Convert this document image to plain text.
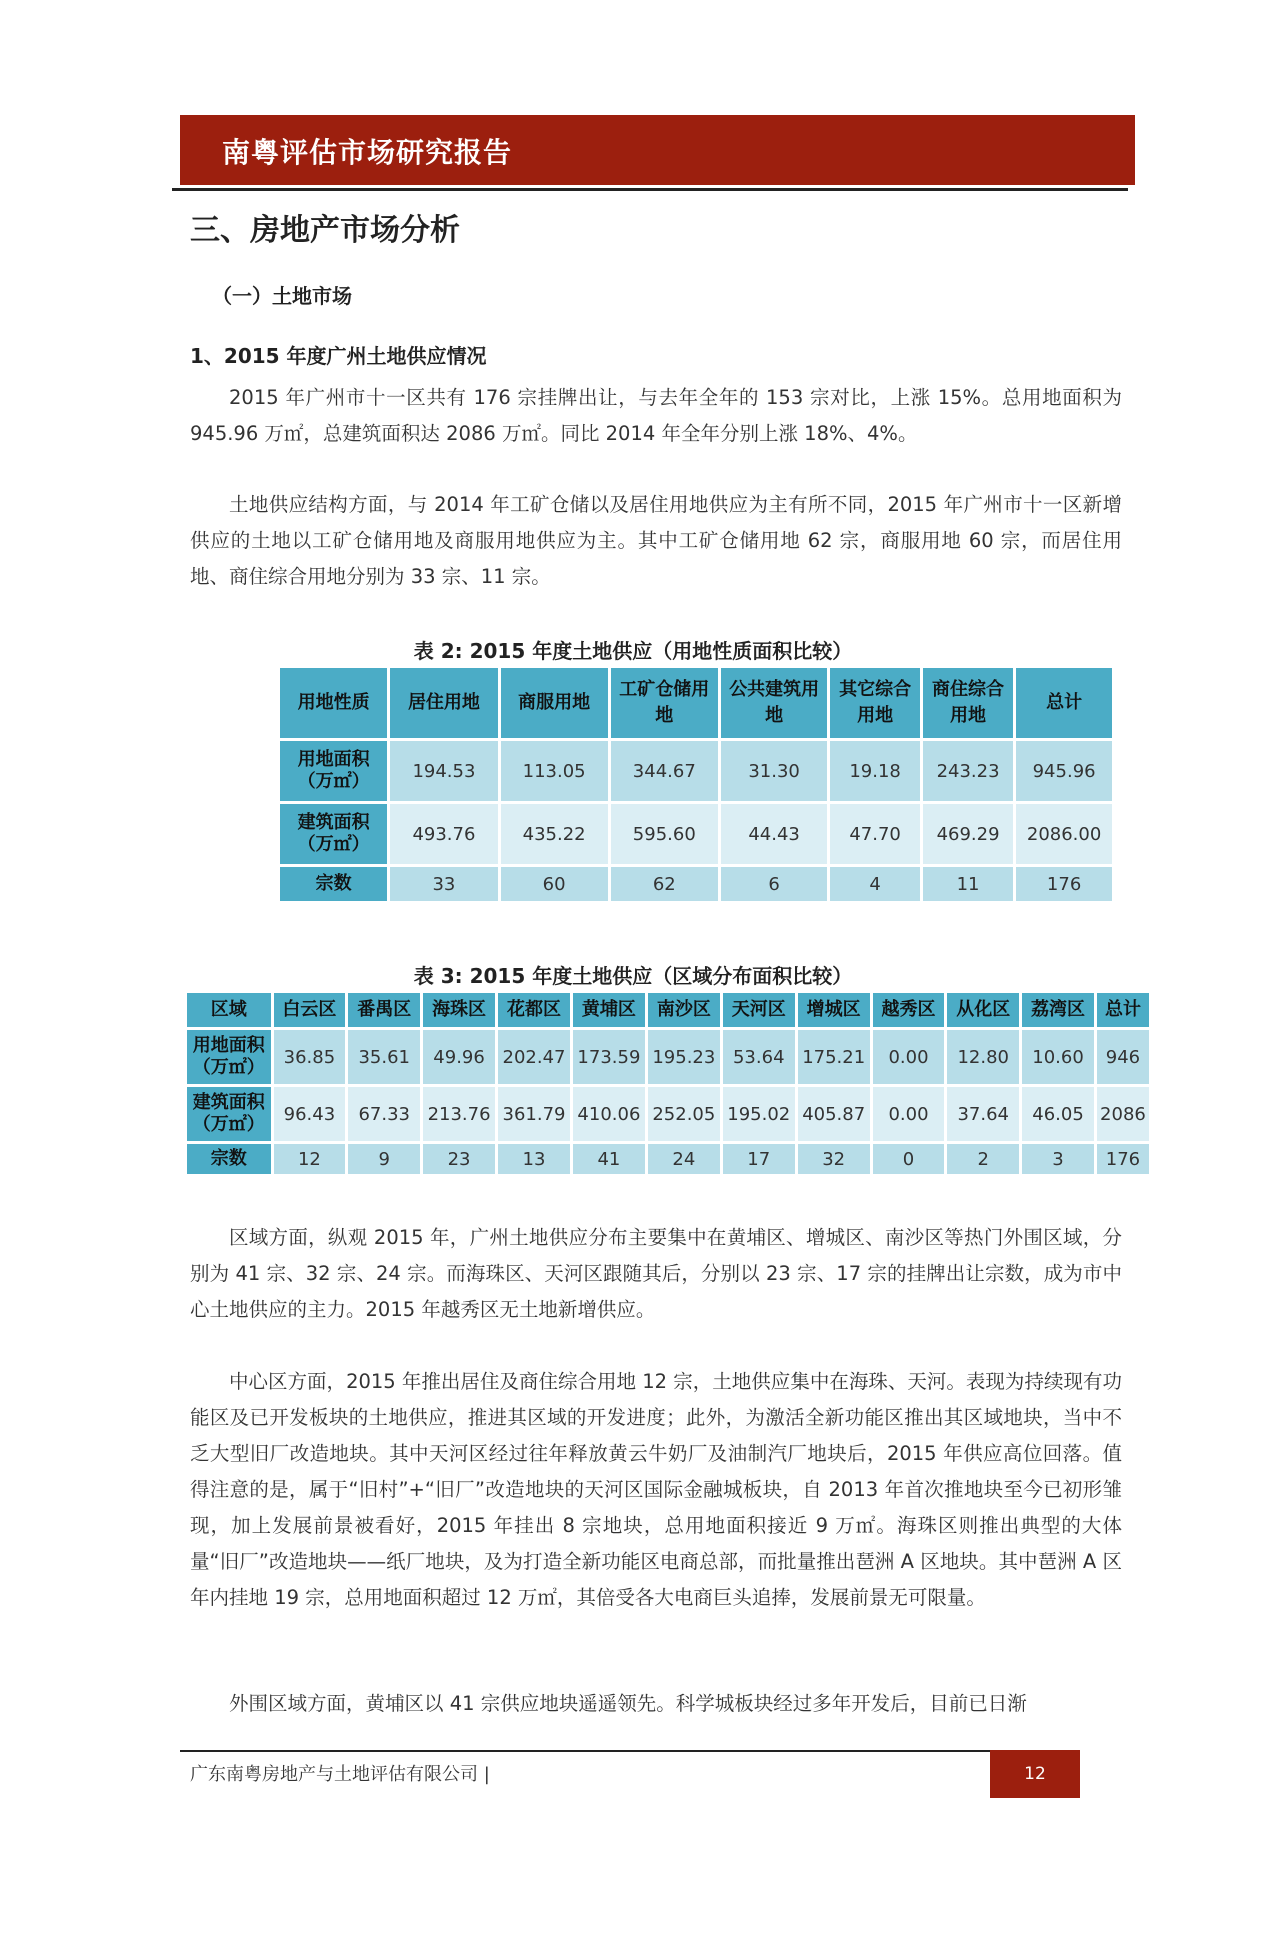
南粤评估市场研究报告
三、房地产市场分析
（一）土地市场
1、2015 年度广州土地供应情况
2015 年广州市十一区共有 176 宗挂牌出让，与去年全年的 153 宗对比，上涨 15%。总用地面积为 945.96 万㎡，总建筑面积达 2086 万㎡。同比 2014 年全年分别上涨 18%、4%。
土地供应结构方面，与 2014 年工矿仓储以及居住用地供应为主有所不同，2015 年广州市十一区新增供应的土地以工矿仓储用地及商服用地供应为主。其中工矿仓储用地 62 宗，商服用地 60 宗，而居住用地、商住综合用地分别为 33 宗、11 宗。
表 2: 2015 年度土地供应（用地性质面积比较）
用地性质	居住用地	商服用地	工矿仓储用地	公共建筑用地	其它综合用地	商住综合用地	总计
用地面积（万㎡）	194.53	113.05	344.67	31.30	19.18	243.23	945.96
建筑面积（万㎡）	493.76	435.22	595.60	44.43	47.70	469.29	2086.00
宗数	33	60	62	6	4	11	176
表 3: 2015 年度土地供应（区域分布面积比较）
区域	白云区	番禺区	海珠区	花都区	黄埔区	南沙区	天河区	增城区	越秀区	从化区	荔湾区	总计
用地面积（万㎡）	36.85	35.61	49.96	202.47	173.59	195.23	53.64	175.21	0.00	12.80	10.60	946
建筑面积（万㎡）	96.43	67.33	213.76	361.79	410.06	252.05	195.02	405.87	0.00	37.64	46.05	2086
宗数	12	9	23	13	41	24	17	32	0	2	3	176
区域方面，纵观 2015 年，广州土地供应分布主要集中在黄埔区、增城区、南沙区等热门外围区域，分别为 41 宗、32 宗、24 宗。而海珠区、天河区跟随其后，分别以 23 宗、17 宗的挂牌出让宗数，成为市中心土地供应的主力。2015 年越秀区无土地新增供应。
中心区方面，2015 年推出居住及商住综合用地 12 宗，土地供应集中在海珠、天河。表现为持续现有功能区及已开发板块的土地供应，推进其区域的开发进度；此外，为激活全新功能区推出其区域地块，当中不乏大型旧厂改造地块。其中天河区经过往年释放黄云牛奶厂及油制汽厂地块后，2015 年供应高位回落。值得注意的是，属于“旧村”+“旧厂”改造地块的天河区国际金融城板块，自 2013 年首次推地块至今已初形雏现，加上发展前景被看好，2015 年挂出 8 宗地块，总用地面积接近 9 万㎡。海珠区则推出典型的大体量“旧厂”改造地块——纸厂地块，及为打造全新功能区电商总部，而批量推出琶洲 A 区地块。其中琶洲 A 区年内挂地 19 宗，总用地面积超过 12 万㎡，其倍受各大电商巨头追捧，发展前景无可限量。
外围区域方面，黄埔区以 41 宗供应地块遥遥领先。科学城板块经过多年开发后，目前已日渐
广东南粤房地产与土地评估有限公司 |	12
